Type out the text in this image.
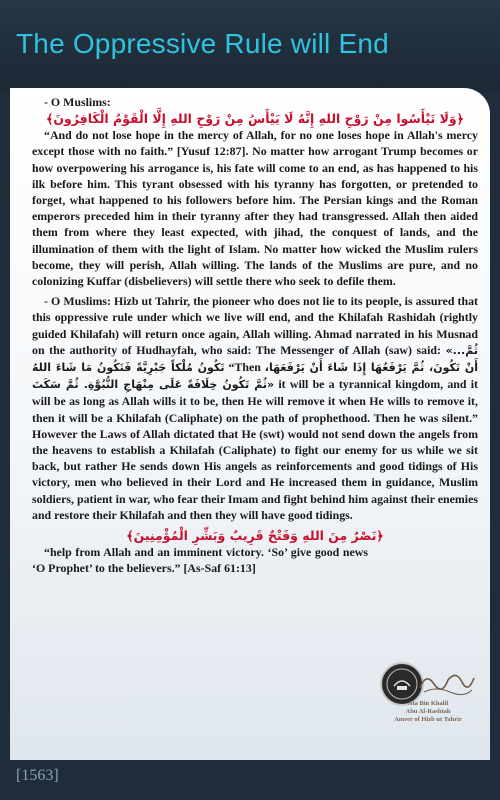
The Oppressive Rule will End

- O Muslims:

﴿وَلَا تَيْأَسُوا مِنْ رَوْحِ اللهِ إِنَّهُ لَا يَيْأَسُ مِنْ رَوْحِ اللهِ إِلَّا الْقَوْمُ الْكَافِرُونَ﴾

“And do not lose hope in the mercy of Allah, for no one loses hope in Allah's mercy except those with no faith.” [Yusuf 12:87]. No matter how arrogant Trump becomes or how overpowering his arrogance is, his fate will come to an end, as has happened to his ilk before him. This tyrant obsessed with his tyranny has forgotten, or pretended to forget, what happened to his followers before him. The Persian kings and the Roman emperors preceded him in their tyranny after they had transgressed. Allah then aided them from where they least expected, with jihad, the conquest of lands, and the illumination of them with the light of Islam. No matter how wicked the Muslim rulers become, they will perish, Allah willing. The lands of the Muslims are pure, and no colonizing Kuffar (disbelievers) will settle there who seek to defile them.

- O Muslims: Hizb ut Tahrir, the pioneer who does not lie to its people, is assured that this oppressive rule under which we live will end, and the Khilafah Rashidah (rightly guided Khilafah) will return once again, Allah willing. Ahmad narrated in his Musnad on the authority of Hudhayfah, who said: The Messenger of Allah (saw) said: «...ثُمَّ تَكُونُ مُلْكاً جَبْرِيَّةً فَتَكُونُ مَا شَاءَ اللهُ “Then أَنْ تَكُونَ، ثُمَّ يَرْفَعُهَا إِذَا شَاءَ أَنْ يَرْفَعَهَا، ثُمَّ تَكُونُ خِلَافَةً عَلَى مِنْهَاجِ النُّبُوَّةِ. ثُمَّ سَكَتَ» it will be a tyrannical kingdom, and it will be as long as Allah wills it to be, then He will remove it when He wills to remove it, then it will be a Khilafah (Caliphate) on the path of prophethood. Then he was silent.” However the Laws of Allah dictated that He (swt) would not send down the angels from the heavens to establish a Khilafah (Caliphate) to fight our enemy for us while we sit back, but rather He sends down His angels as reinforcements and good tidings of His victory, men who believed in their Lord and He increased them in guidance, Muslim soldiers, patient in war, who fear their Imam and fight behind him against their enemies and restore their Khilafah and then they will have good tidings.

﴿نَصْرٌ مِنَ اللهِ وَفَتْحٌ قَرِيبٌ وَبَشِّرِ الْمُؤْمِنِينَ﴾

“help from Allah and an imminent victory. ‘So’ give good news ‘O Prophet’ to the believers.” [As-Saf 61:13]

Ata Bin Khalil
Abu Al-Rashtah
Ameer of Hizb ut Tahrir
[1563]
